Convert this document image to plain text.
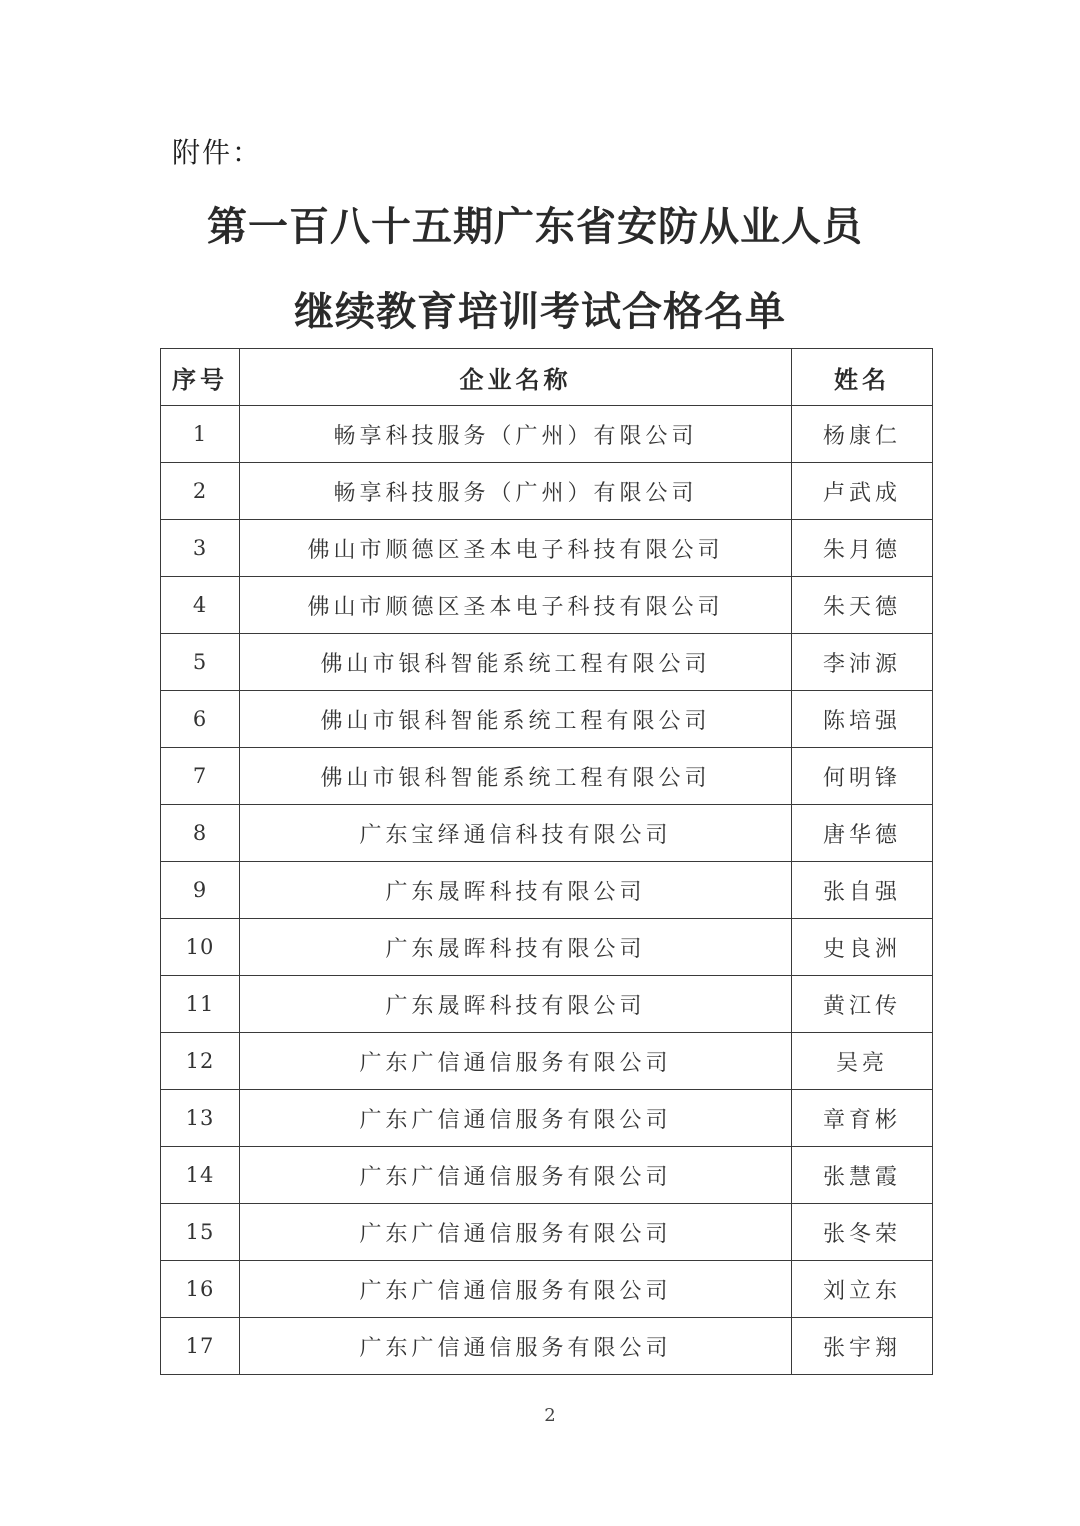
附件：
第一百八十五期广东省安防从业人员
继续教育培训考试合格名单
序号	企业名称	姓名
1	畅享科技服务（广州）有限公司	杨康仁
2	畅享科技服务（广州）有限公司	卢武成
3	佛山市顺德区圣本电子科技有限公司	朱月德
4	佛山市顺德区圣本电子科技有限公司	朱天德
5	佛山市银科智能系统工程有限公司	李沛源
6	佛山市银科智能系统工程有限公司	陈培强
7	佛山市银科智能系统工程有限公司	何明锋
8	广东宝绎通信科技有限公司	唐华德
9	广东晟晖科技有限公司	张自强
10	广东晟晖科技有限公司	史良洲
11	广东晟晖科技有限公司	黄江传
12	广东广信通信服务有限公司	吴亮
13	广东广信通信服务有限公司	章育彬
14	广东广信通信服务有限公司	张慧霞
15	广东广信通信服务有限公司	张冬荣
16	广东广信通信服务有限公司	刘立东
17	广东广信通信服务有限公司	张宇翔
2
